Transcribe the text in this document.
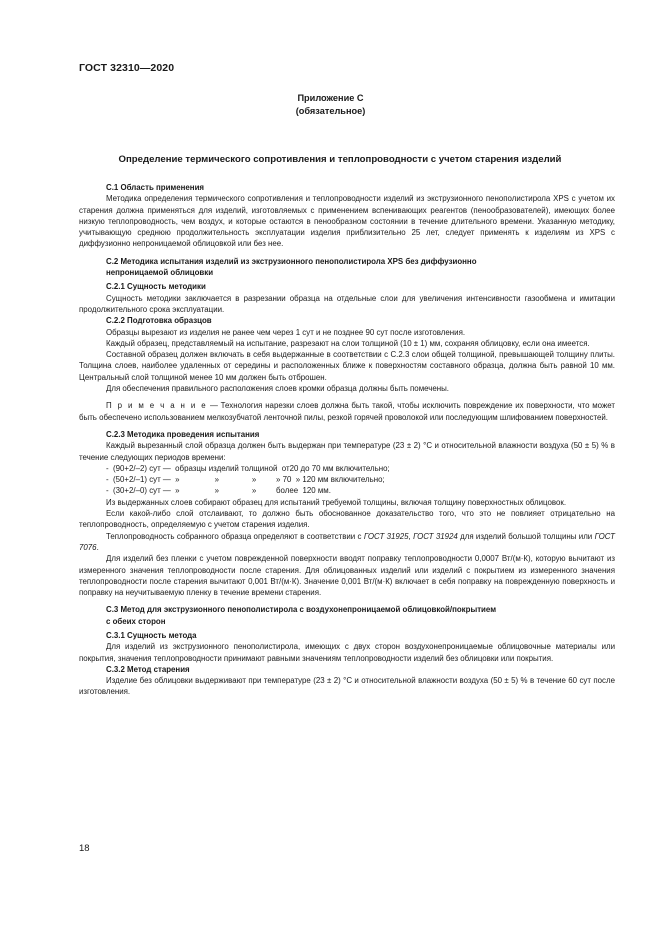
ГОСТ 32310—2020
Приложение С
(обязательное)
Определение термического сопротивления и теплопроводности с учетом старения изделий

С.1 Область применения

Методика определения термического сопротивления и теплопроводности изделий из экструзионного пенополистирола XPS с учетом их старения должна применяться для изделий, изготовляемых с применением вспенивающих реагентов (пенообразователей), имеющих более низкую теплопроводность, чем воздух, и которые остаются в пенообразном состоянии в течение длительного времени. Указанную методику, учитывающую среднюю продолжительность эксплуатации изделия приблизительно 25 лет, следует применять к изделиям из XPS с диффузионно непроницаемой облицовкой или без нее.

С.2 Методика испытания изделий из экструзионного пенополистирола XPS без диффузионно
непроницаемой облицовки

С.2.1 Сущность методики

Сущность методики заключается в разрезании образца на отдельные слои для увеличения интенсивности газообмена и имитации продолжительного срока эксплуатации.

С.2.2 Подготовка образцов

Образцы вырезают из изделия не ранее чем через 1 сут и не позднее 90 сут после изготовления.

Каждый образец, представляемый на испытание, разрезают на слои толщиной (10 ± 1) мм, сохраняя облицовку, если она имеется.

Составной образец должен включать в себя выдержанные в соответствии с С.2.3 слои общей толщиной, превышающей толщину плиты. Толщина слоев, наиболее удаленных от середины и расположенных ближе к поверхностям составного образца, должна быть равной 10 мм. Центральный слой толщиной менее 10 мм должен быть отброшен.

Для обеспечения правильного расположения слоев кромки образца должны быть помечены.

П р и м е ч а н и е — Технология нарезки слоев должна быть такой, чтобы исключить повреждение их поверхности, что может быть обеспечено использованием мелкозубчатой ленточной пилы, резкой горячей проволокой или последующим шлифованием поверхностей.

С.2.3 Методика проведения испытания

Каждый вырезанный слой образца должен быть выдержан при температуре (23 ± 2) °С и относительной влажности воздуха (50 ± 5) % в течение следующих периодов времени:

-  (90+2/–2) сут —  образцы изделий толщиной  от20 до 70 мм включительно;

-  (50+2/–1) сут —  »                »               »         » 70  » 120 мм включительно;

-  (30+2/–0) сут —  »                »               »         более  120 мм.

Из выдержанных слоев собирают образец для испытаний требуемой толщины, включая толщину поверхностных облицовок.

Если какой-либо слой отслаивают, то должно быть обоснованное доказательство того, что это не повлияет отрицательно на теплопроводность, определяемую с учетом старения изделия.

Теплопроводность собранного образца определяют в соответствии с ГОСТ 31925, ГОСТ 31924 для изделий большой толщины или ГОСТ 7076.

Для изделий без пленки с учетом поврежденной поверхности вводят поправку теплопроводности 0,0007 Вт/(м·К), которую вычитают из измеренного значения теплопроводности после старения. Для облицованных изделий или изделий с покрытием из измеренного значения теплопроводности после старения вычитают 0,001 Вт/(м·К). Значение 0,001 Вт/(м·К) включает в себя поправку на поврежденную поверхность и поправку на неучитываемую пленку в течение времени старения.

С.3 Метод для экструзионного пенополистирола с воздухонепроницаемой облицовкой/покрытием
с обеих сторон

С.3.1 Сущность метода

Для изделий из экструзионного пенополистирола, имеющих с двух сторон воздухонепроницаемые облицовочные материалы или покрытия, значения теплопроводности принимают равными значениям теплопроводности изделий без облицовки или покрытия.

С.3.2 Метод старения

Изделие без облицовки выдерживают при температуре (23 ± 2) °С и относительной влажности воздуха (50 ± 5) % в течение 60 сут после изготовления.

18
